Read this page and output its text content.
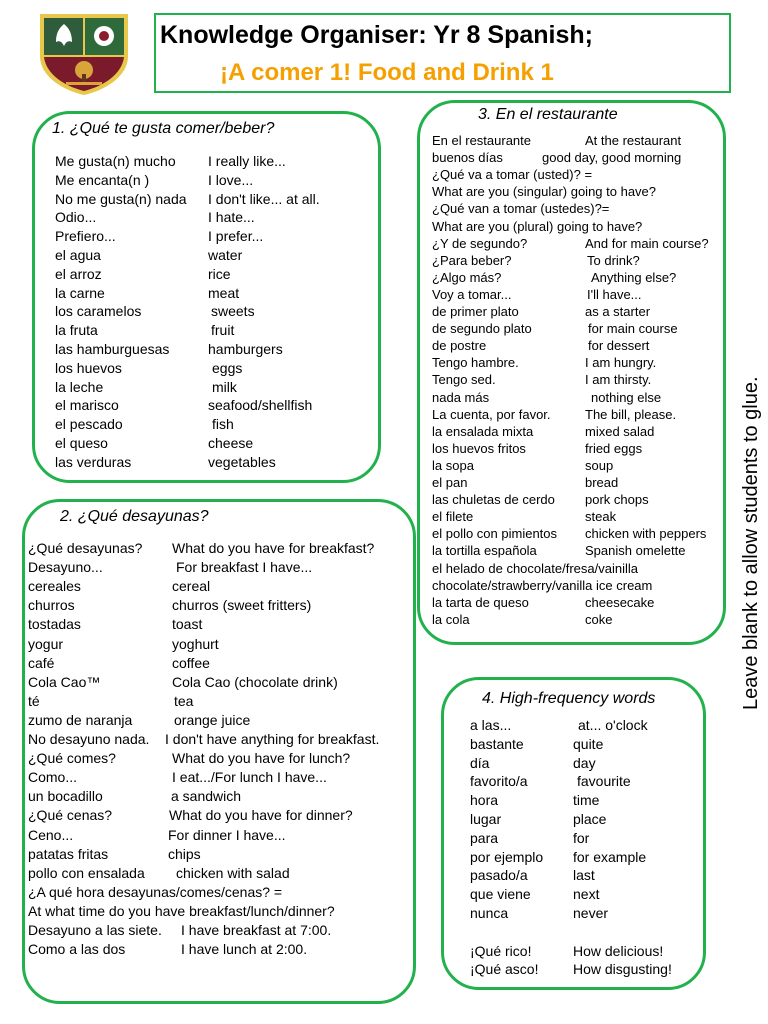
Knowledge Organiser: Yr 8 Spanish;
¡A comer 1! Food and Drink 1
1. ¿Qué te gusta comer/beber?
Me gusta(n) mucho I really like...
Me encanta(n )	I love...
No me gusta(n) nada I don't like... at all.
Odio...	I hate...
Prefiero...	I prefer...
el agua	water
el arroz	rice
la carne	meat
los caramelos	sweets
la fruta	fruit
las hamburguesas	hamburgers
los huevos	eggs
la leche	milk
el marisco	seafood/shellfish
el pescado	fish
el queso	cheese
las verduras	vegetables
2. ¿Qué desayunas?
¿Qué desayunas? What do you have for breakfast?
Desayuno...	For breakfast I have...
cereales	cereal
churros	churros (sweet fritters)
tostadas	toast
yogur	yoghurt
café	coffee
Cola Cao™	Cola Cao (chocolate drink)
té	tea
zumo de naranja	orange juice
No desayuno nada. I don't have anything for breakfast.
¿Qué comes?	What do you have for lunch?
Como...	I eat.../For lunch I have...
un bocadillo	a sandwich
¿Qué cenas?	What do you have for dinner?
Ceno...	For dinner I have...
patatas fritas	chips
pollo con ensalada chicken with salad
¿A qué hora desayunas/comes/cenas? =
At what time do you have breakfast/lunch/dinner?
Desayuno a las siete. I have breakfast at 7:00.
Como a las dos	I have lunch at 2:00.
3. En el restaurante
En el restaurante	At the restaurant
buenos días	good day, good morning
¿Qué va a tomar (usted)? =
What are you (singular) going to have?
¿Qué van a tomar (ustedes)?=
What are you (plural) going to have?
¿Y de segundo?	And for main course?
¿Para beber?	To drink?
¿Algo más?	Anything else?
Voy a tomar...	I'll have...
de primer plato	as a starter
de segundo plato	for main course
de postre	for dessert
Tengo hambre.	I am hungry.
Tengo sed.	I am thirsty.
nada más	nothing else
La cuenta, por favor.	The bill, please.
la ensalada mixta	mixed salad
los huevos fritos	fried eggs
la sopa	soup
el pan	bread
las chuletas de cerdo pork chops
el filete	steak
el pollo con pimientos chicken with peppers
la tortilla española	Spanish omelette
el helado de chocolate/fresa/vainilla
chocolate/strawberry/vanilla ice cream
la tarta de queso	cheesecake
la cola	coke
4. High-frequency words
a las...	at... o'clock
bastante	quite
día	day
favorito/a	favourite
hora	time
lugar	place
para	for
por ejemplo for example
pasado/a	last
que viene	next
nunca	never
¡Qué rico!	How delicious!
¡Qué asco! How disgusting!
Leave blank to allow students to glue.
